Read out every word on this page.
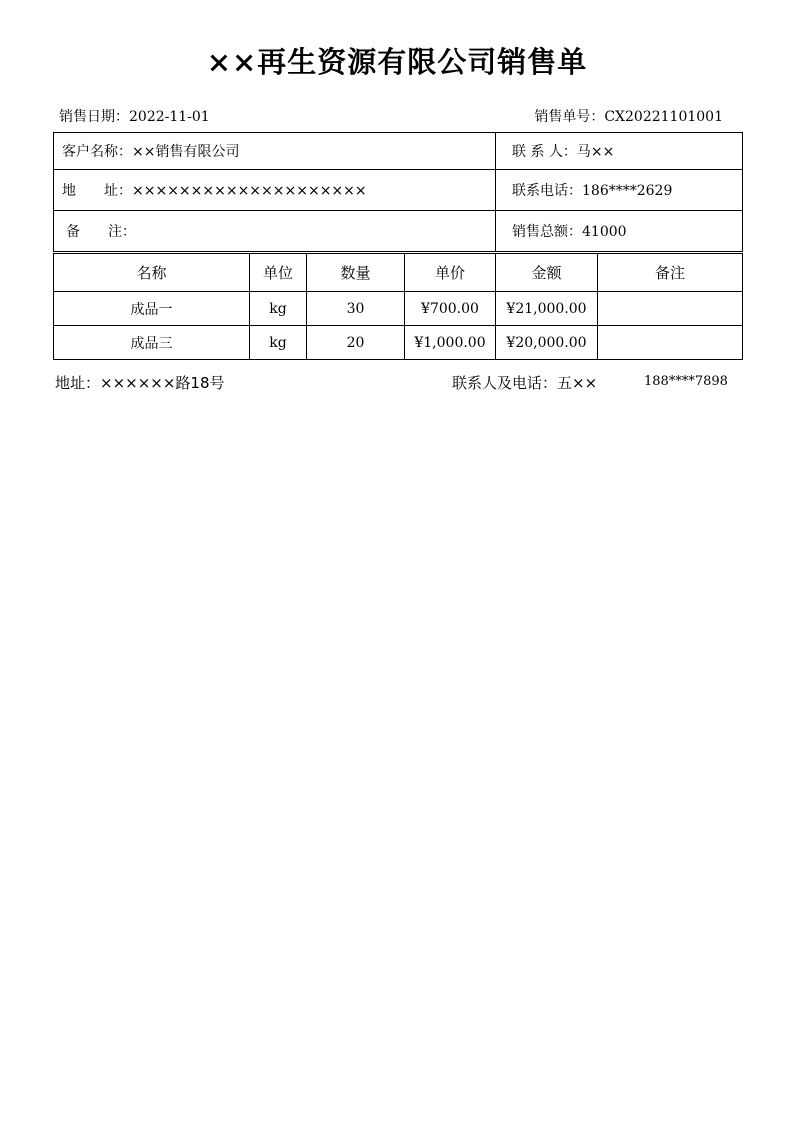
××再生资源有限公司销售单
销售日期：2022-11-01	销售单号：CX20221101001
客户名称：××销售有限公司	联 系 人：马××
地　　址：××××××××××××××××××××	联系电话：186****2629
备　　注：	销售总额：41000
名称	单位	数量	单价	金额	备注
成品一	kg	30	¥700.00	¥21,000.00	
成品三	kg	20	¥1,000.00	¥20,000.00	
地址：××××××路18号	联系人及电话：五××	188****7898
